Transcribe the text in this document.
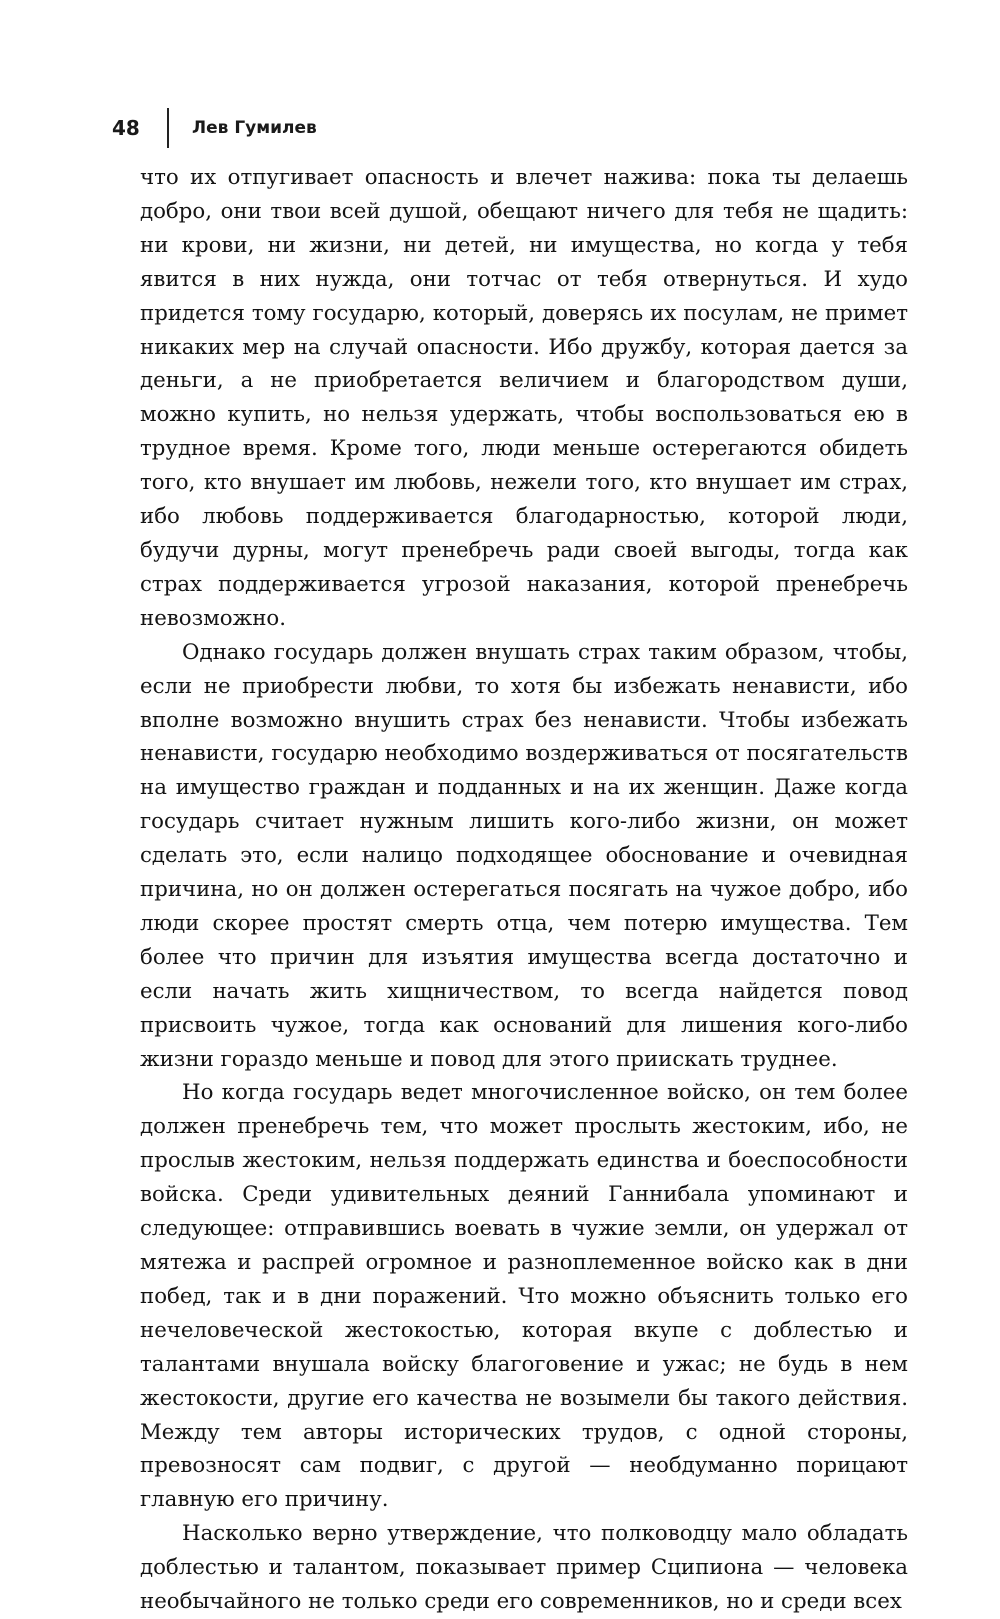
48	Лев Гумилев

что их отпугивает опасность и влечет нажива: пока ты делаешь добро, они твои всей душой, обещают ничего для тебя не щадить: ни крови, ни жизни, ни детей, ни имущества, но когда у тебя явится в них нужда, они тотчас от тебя отвернуться. И худо придется тому государю, который, доверясь их посулам, не примет никаких мер на случай опасности. Ибо дружбу, которая дается за деньги, а не приобретается величием и благородством души, можно купить, но нельзя удержать, чтобы воспользоваться ею в трудное время. Кроме того, люди меньше остерегаются обидеть того, кто внушает им любовь, нежели того, кто внушает им страх, ибо любовь поддерживается благодарностью, которой люди, будучи дурны, могут пренебречь ради своей выгоды, тогда как страх поддерживается угрозой наказания, которой пренебречь невозможно.

Однако государь должен внушать страх таким образом, чтобы, если не приобрести любви, то хотя бы избежать ненависти, ибо вполне возможно внушить страх без ненависти. Чтобы избежать ненависти, государю необходимо воздерживаться от посягательств на имущество граждан и подданных и на их женщин. Даже когда государь считает нужным лишить кого-либо жизни, он может сделать это, если налицо подходящее обоснование и очевидная причина, но он должен остерегаться посягать на чужое добро, ибо люди скорее простят смерть отца, чем потерю имущества. Тем более что причин для изъятия имущества всегда достаточно и если начать жить хищничеством, то всегда найдется повод присвоить чужое, тогда как оснований для лишения кого-либо жизни гораздо меньше и повод для этого приискать труднее.

Но когда государь ведет многочисленное войско, он тем более должен пренебречь тем, что может прослыть жестоким, ибо, не прослыв жестоким, нельзя поддержать единства и боеспособности войска. Среди удивительных деяний Ганнибала упоминают и следующее: отправившись воевать в чужие земли, он удержал от мятежа и распрей огромное и разноплеменное войско как в дни побед, так и в дни поражений. Что можно объяснить только его нечеловеческой жестокостью, которая вкупе с доблестью и талантами внушала войску благоговение и ужас; не будь в нем жестокости, другие его качества не возымели бы такого действия. Между тем авторы исторических трудов, с одной стороны, превозносят сам подвиг, с другой — необдуманно порицают главную его причину.

Насколько верно утверждение, что полководцу мало обладать доблестью и талантом, показывает пример Сципиона — человека необычайного не только среди его современников, но и среди всех
